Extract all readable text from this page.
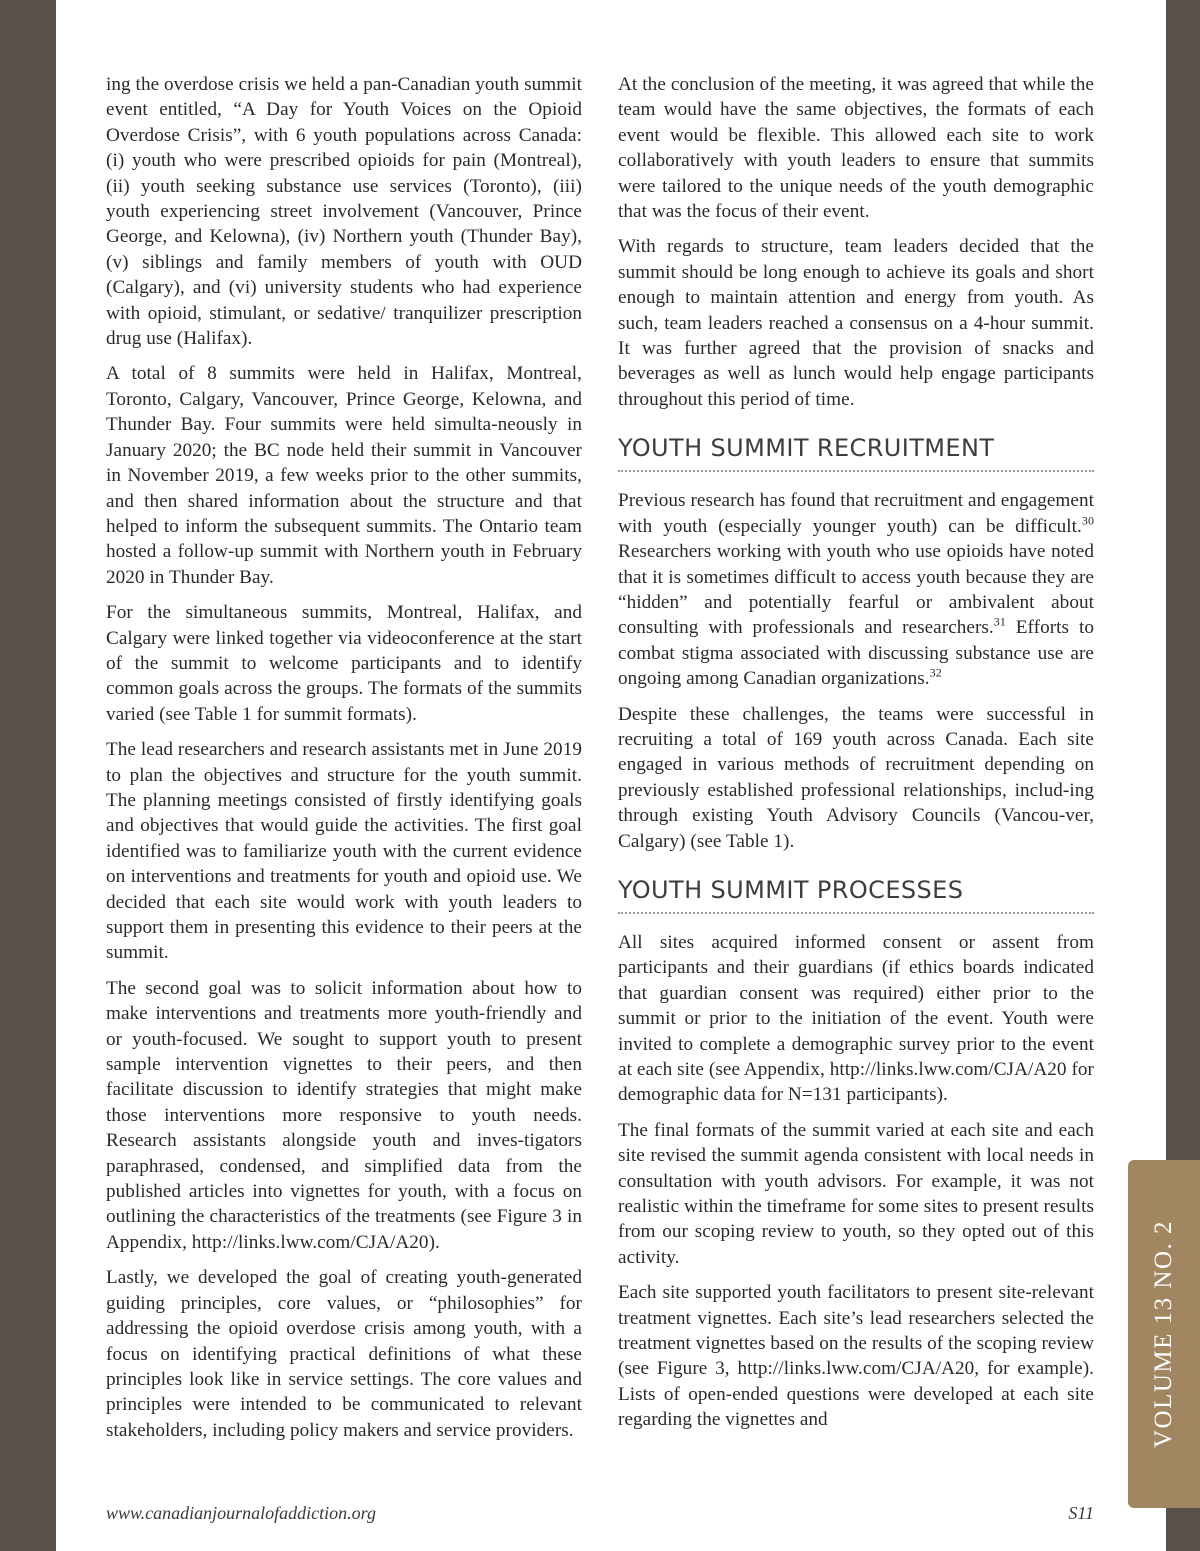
ing the overdose crisis we held a pan-Canadian youth summit event entitled, “A Day for Youth Voices on the Opioid Overdose Crisis”, with 6 youth populations across Canada: (i) youth who were prescribed opioids for pain (Montreal), (ii) youth seeking substance use services (Toronto), (iii) youth experiencing street involvement (Vancouver, Prince George, and Kelowna), (iv) Northern youth (Thunder Bay), (v) siblings and family members of youth with OUD (Calgary), and (vi) university students who had experience with opioid, stimulant, or sedative/ tranquilizer prescription drug use (Halifax).

A total of 8 summits were held in Halifax, Montreal, Toronto, Calgary, Vancouver, Prince George, Kelowna, and Thunder Bay. Four summits were held simulta-neously in January 2020; the BC node held their summit in Vancouver in November 2019, a few weeks prior to the other summits, and then shared information about the structure and that helped to inform the subsequent summits. The Ontario team hosted a follow-up summit with Northern youth in February 2020 in Thunder Bay.

For the simultaneous summits, Montreal, Halifax, and Calgary were linked together via videoconference at the start of the summit to welcome participants and to identify common goals across the groups. The formats of the summits varied (see Table 1 for summit formats).

The lead researchers and research assistants met in June 2019 to plan the objectives and structure for the youth summit. The planning meetings consisted of firstly identifying goals and objectives that would guide the activities. The first goal identified was to familiarize youth with the current evidence on interventions and treatments for youth and opioid use. We decided that each site would work with youth leaders to support them in presenting this evidence to their peers at the summit.

The second goal was to solicit information about how to make interventions and treatments more youth-friendly and or youth-focused. We sought to support youth to present sample intervention vignettes to their peers, and then facilitate discussion to identify strategies that might make those interventions more responsive to youth needs. Research assistants alongside youth and inves-tigators paraphrased, condensed, and simplified data from the published articles into vignettes for youth, with a focus on outlining the characteristics of the treatments (see Figure 3 in Appendix, http://links.lww.com/CJA/A20).

Lastly, we developed the goal of creating youth-generated guiding principles, core values, or “philosophies” for addressing the opioid overdose crisis among youth, with a focus on identifying practical definitions of what these principles look like in service settings. The core values and principles were intended to be communicated to relevant stakeholders, including policy makers and service providers.

At the conclusion of the meeting, it was agreed that while the team would have the same objectives, the formats of each event would be flexible. This allowed each site to work collaboratively with youth leaders to ensure that summits were tailored to the unique needs of the youth demographic that was the focus of their event.

With regards to structure, team leaders decided that the summit should be long enough to achieve its goals and short enough to maintain attention and energy from youth. As such, team leaders reached a consensus on a 4-hour summit. It was further agreed that the provision of snacks and beverages as well as lunch would help engage participants throughout this period of time.

YOUTH SUMMIT RECRUITMENT

Previous research has found that recruitment and engagement with youth (especially younger youth) can be difficult.$^{30}$ Researchers working with youth who use opioids have noted that it is sometimes difficult to access youth because they are “hidden” and potentially fearful or ambivalent about consulting with professionals and researchers.$^{31}$ Efforts to combat stigma associated with discussing substance use are ongoing among Canadian organizations.$^{32}$

Despite these challenges, the teams were successful in recruiting a total of 169 youth across Canada. Each site engaged in various methods of recruitment depending on previously established professional relationships, includ-ing through existing Youth Advisory Councils (Vancou-ver, Calgary) (see Table 1).

YOUTH SUMMIT PROCESSES

All sites acquired informed consent or assent from participants and their guardians (if ethics boards indicated that guardian consent was required) either prior to the summit or prior to the initiation of the event. Youth were invited to complete a demographic survey prior to the event at each site (see Appendix, http://links.lww.com/CJA/A20 for demographic data for N=131 participants).

The final formats of the summit varied at each site and each site revised the summit agenda consistent with local needs in consultation with youth advisors. For example, it was not realistic within the timeframe for some sites to present results from our scoping review to youth, so they opted out of this activity.

Each site supported youth facilitators to present site-relevant treatment vignettes. Each site’s lead researchers selected the treatment vignettes based on the results of the scoping review (see Figure 3, http://links.lww.com/CJA/A20, for example). Lists of open-ended questions were developed at each site regarding the vignettes and	VOLUME 13 NO. 2
www.canadianjournalofaddiction.org	S11
